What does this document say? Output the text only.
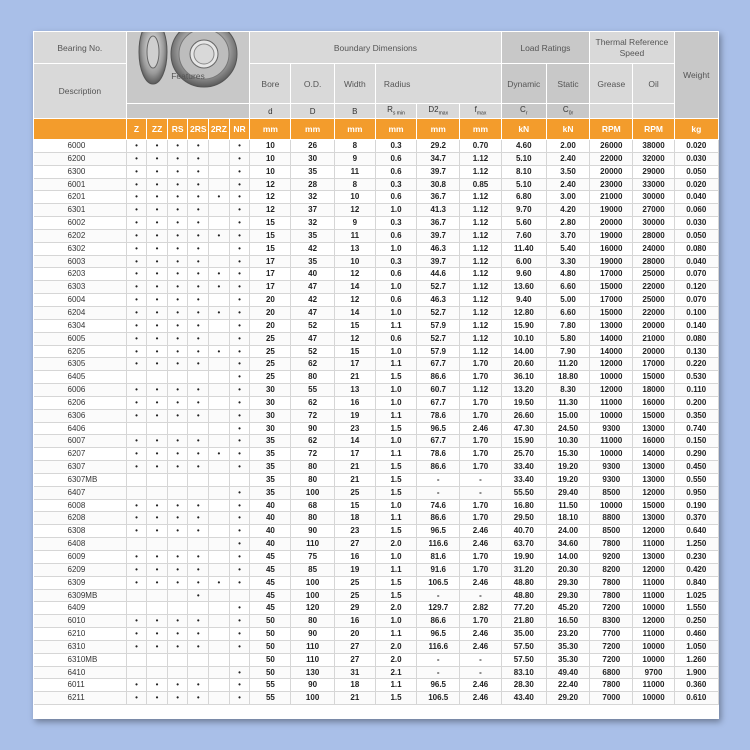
Bearing No.	Features						Boundary Dimensions						Load Ratings		Thermal Reference Speed		Weight
Description							Bore	O.D.	Width	Radius			Dynamic	Static	Grease	Oil	
							d	D	B	$R_{s min}$	$D2_{max}$	$f_{max}$	$C_r$	$C_{0r}$		
	Z	ZZ	RS	2RS	2RZ	NR	mm	mm	mm	mm	mm	mm	kN	kN	RPM	RPM	kg
6000	•	•	•	•		•	10	26	8	0.3	29.2	0.70	4.60	2.00	26000	38000	0.020
6200	•	•	•	•		•	10	30	9	0.6	34.7	1.12	5.10	2.40	22000	32000	0.030
6300	•	•	•	•		•	10	35	11	0.6	39.7	1.12	8.10	3.50	20000	29000	0.050
6001	•	•	•	•		•	12	28	8	0.3	30.8	0.85	5.10	2.40	23000	33000	0.020
6201	•	•	•	•	•	•	12	32	10	0.6	36.7	1.12	6.80	3.00	21000	30000	0.040
6301	•	•	•	•		•	12	37	12	1.0	41.3	1.12	9.70	4.20	19000	27000	0.060
6002	•	•	•	•		•	15	32	9	0.3	36.7	1.12	5.60	2.80	20000	30000	0.030
6202	•	•	•	•	•	•	15	35	11	0.6	39.7	1.12	7.60	3.70	19000	28000	0.050
6302	•	•	•	•		•	15	42	13	1.0	46.3	1.12	11.40	5.40	16000	24000	0.080
6003	•	•	•	•		•	17	35	10	0.3	39.7	1.12	6.00	3.30	19000	28000	0.040
6203	•	•	•	•	•	•	17	40	12	0.6	44.6	1.12	9.60	4.80	17000	25000	0.070
6303	•	•	•	•	•	•	17	47	14	1.0	52.7	1.12	13.60	6.60	15000	22000	0.120
6004	•	•	•	•		•	20	42	12	0.6	46.3	1.12	9.40	5.00	17000	25000	0.070
6204	•	•	•	•	•	•	20	47	14	1.0	52.7	1.12	12.80	6.60	15000	22000	0.100
6304	•	•	•	•		•	20	52	15	1.1	57.9	1.12	15.90	7.80	13000	20000	0.140
6005	•	•	•	•		•	25	47	12	0.6	52.7	1.12	10.10	5.80	14000	21000	0.080
6205	•	•	•	•	•	•	25	52	15	1.0	57.9	1.12	14.00	7.90	14000	20000	0.130
6305	•	•	•	•		•	25	62	17	1.1	67.7	1.70	20.60	11.20	12000	17000	0.220
6405						•	25	80	21	1.5	86.6	1.70	36.10	18.80	10000	15000	0.530
6006	•	•	•	•		•	30	55	13	1.0	60.7	1.12	13.20	8.30	12000	18000	0.110
6206	•	•	•	•		•	30	62	16	1.0	67.7	1.70	19.50	11.30	11000	16000	0.200
6306	•	•	•	•		•	30	72	19	1.1	78.6	1.70	26.60	15.00	10000	15000	0.350
6406						•	30	90	23	1.5	96.5	2.46	47.30	24.50	9300	13000	0.740
6007	•	•	•	•		•	35	62	14	1.0	67.7	1.70	15.90	10.30	11000	16000	0.150
6207	•	•	•	•	•	•	35	72	17	1.1	78.6	1.70	25.70	15.30	10000	14000	0.290
6307	•	•	•	•		•	35	80	21	1.5	86.6	1.70	33.40	19.20	9300	13000	0.450
6307MB							35	80	21	1.5	-	-	33.40	19.20	9300	13000	0.550
6407						•	35	100	25	1.5	-	-	55.50	29.40	8500	12000	0.950
6008	•	•	•	•		•	40	68	15	1.0	74.6	1.70	16.80	11.50	10000	15000	0.190
6208	•	•	•	•		•	40	80	18	1.1	86.6	1.70	29.50	18.10	8800	13000	0.370
6308	•	•	•	•		•	40	90	23	1.5	96.5	2.46	40.70	24.00	8500	12000	0.640
6408						•	40	110	27	2.0	116.6	2.46	63.70	34.60	7800	11000	1.250
6009	•	•	•	•		•	45	75	16	1.0	81.6	1.70	19.90	14.00	9200	13000	0.230
6209	•	•	•	•		•	45	85	19	1.1	91.6	1.70	31.20	20.30	8200	12000	0.420
6309	•	•	•	•	•	•	45	100	25	1.5	106.5	2.46	48.80	29.30	7800	11000	0.840
6309MB				•			45	100	25	1.5	-	-	48.80	29.30	7800	11000	1.025
6409						•	45	120	29	2.0	129.7	2.82	77.20	45.20	7200	10000	1.550
6010	•	•	•	•		•	50	80	16	1.0	86.6	1.70	21.80	16.50	8300	12000	0.250
6210	•	•	•	•		•	50	90	20	1.1	96.5	2.46	35.00	23.20	7700	11000	0.460
6310	•	•	•	•		•	50	110	27	2.0	116.6	2.46	57.50	35.30	7200	10000	1.050
6310MB							50	110	27	2.0	-	-	57.50	35.30	7200	10000	1.260
6410						•	50	130	31	2.1	-	-	83.10	49.40	6800	9700	1.900
6011	•	•	•	•		•	55	90	18	1.1	96.5	2.46	28.30	22.40	7800	11000	0.360
6211	•	•	•	•		•	55	100	21	1.5	106.5	2.46	43.40	29.20	7000	10000	0.610
